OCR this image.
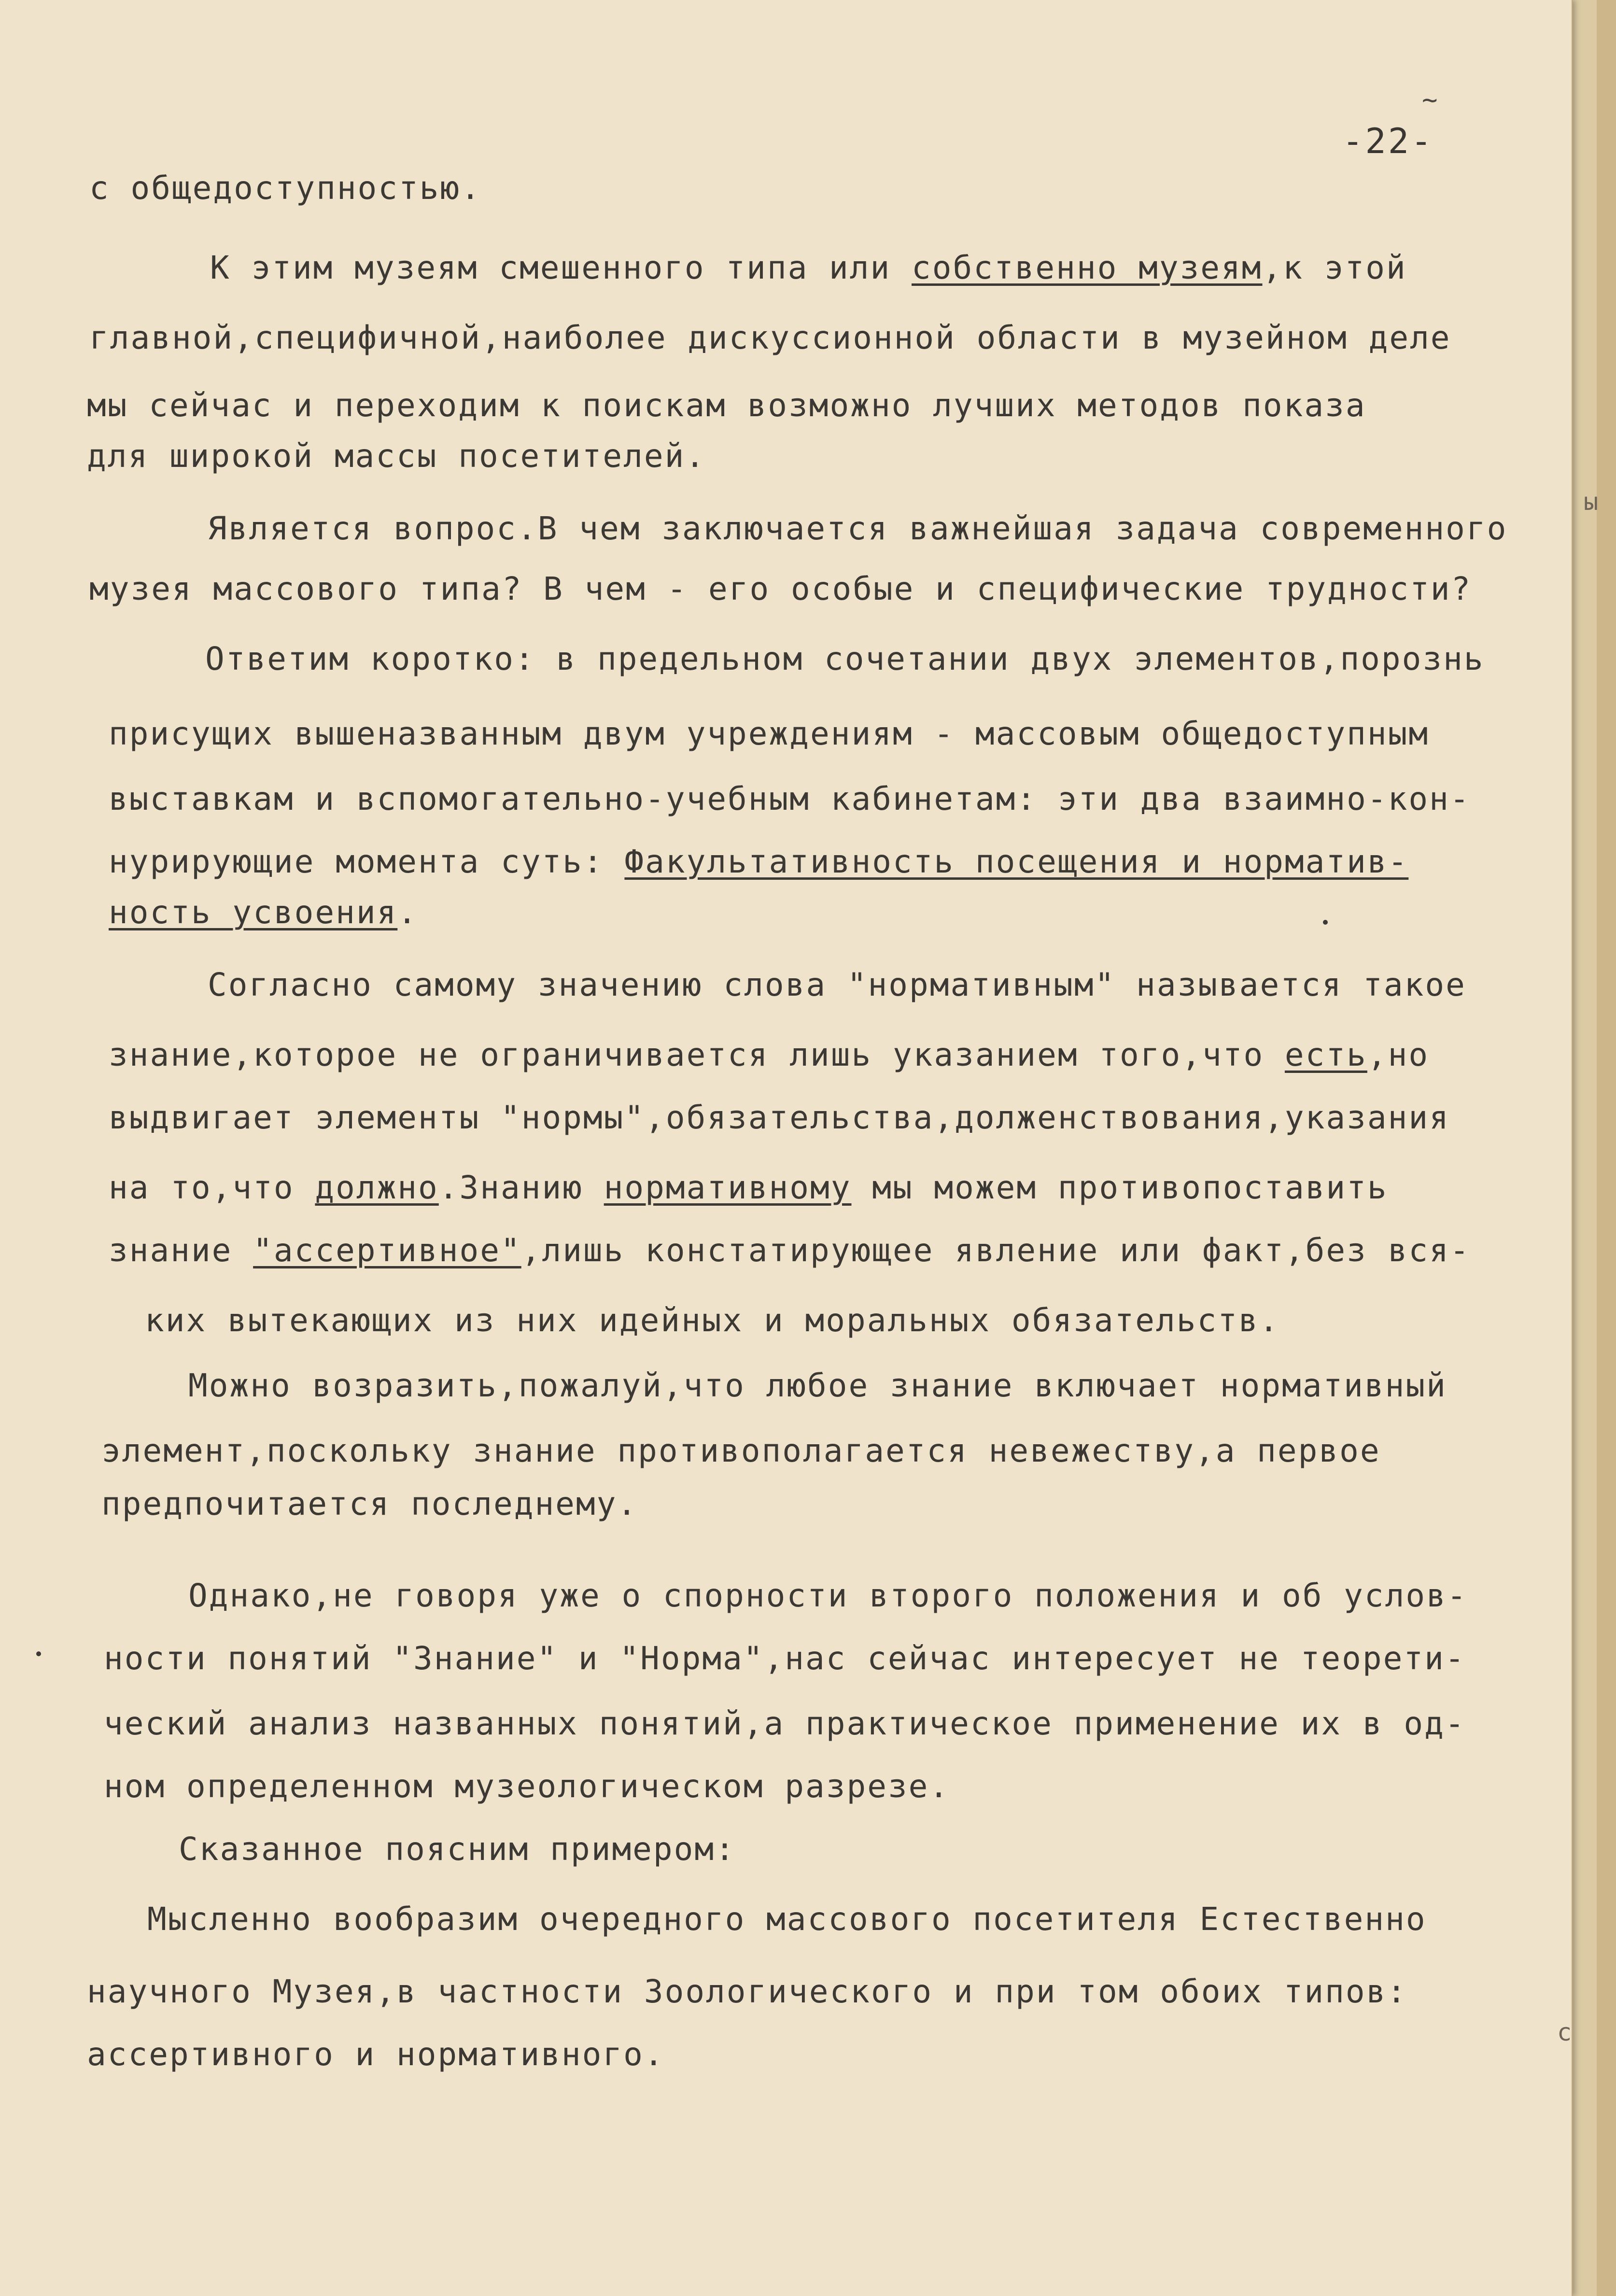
~
-22-
с общедоступностью.
К этим музеям смешенного типа или собственно музеям,к этой
главной,специфичной,наиболее дискуссионной области в музейном деле
мы сейчас и переходим к поискам возможно лучших методов показа
для широкой массы посетителей.
Является вопрос.В чем заключается важнейшая задача современного
музея массового типа? В чем - его особые и специфические трудности?
Ответим коротко: в предельном сочетании двух элементов,порознь
присущих вышеназванным двум учреждениям - массовым общедоступным
выставкам и вспомогательно-учебным кабинетам: эти два взаимно-кон-
нурирующие момента суть: Факультативность посещения и норматив-
ность усвоения.
Согласно самому значению слова "нормативным" называется такое
знание,которое не ограничивается лишь указанием того,что есть,но
выдвигает элементы "нормы",обязательства,долженствования,указания
на то,что должно.Знанию нормативному мы можем противопоставить
знание "ассертивное",лишь констатирующее явление или факт,без вся-
ких вытекающих из них идейных и моральных обязательств.
Можно возразить,пожалуй,что любое знание включает нормативный
элемент,поскольку знание противополагается невежеству,а первое
предпочитается последнему.
Однако,не говоря уже о спорности второго положения и об услов-
ности понятий "Знание" и "Норма",нас сейчас интересует не теорети-
ческий анализ названных понятий,а практическое применение их в од-
ном определенном музеологическом разрезе.
Сказанное поясним примером:
Мысленно вообразим очередного массового посетителя Естественно
научного Музея,в частности Зоологического и при том обоих типов:
ассертивного и нормативного.
ы
с
